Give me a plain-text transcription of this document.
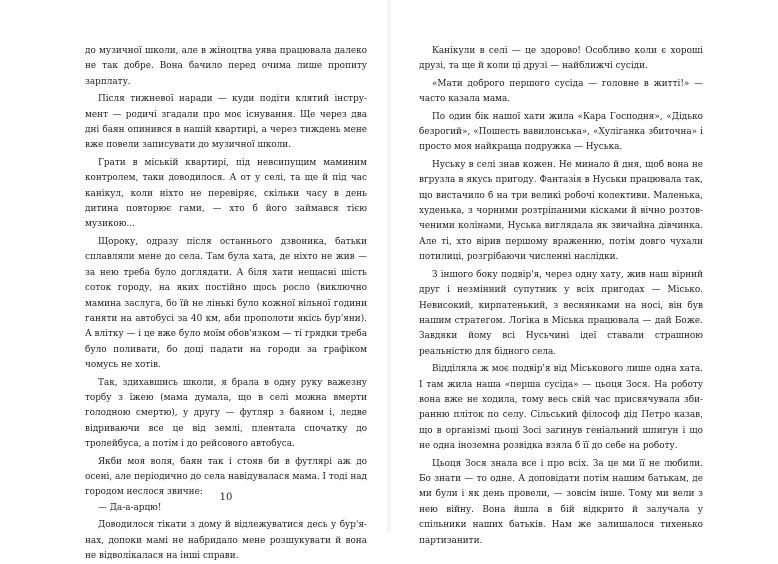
до музичної школи, але в жіноцтва уява працювала далеко не так добре. Вона бачило перед очима лише пропиту зарплату.

Після тижневої наради — куди подіти клятий інструмент — родичі згадали про моє існування. Ще через два дні баян опинився в нашій квартирі, а через тиждень мене вже повели записувати до музичної школи.

Грати в міській квартирі, під невсипущим маминим контролем, таки доводилося. А от у селі, та ще й під час канікул, коли ніхто не перевіряє, скільки часу в день дитина повторює гами, — хто б його займався тією музикою...

Щороку, одразу після останнього дзвоника, батьки сплавляли мене до села. Там була хата, де ніхто не жив — за нею треба було доглядати. А біля хати нещасні шість соток городу, на яких постійно щось росло (виключно мамина заслуга, бо їй не лінькі було кожної вільної години ганяти на автобусі за 40 км, аби прополоти якісь бур'яни). А влітку — і це вже було моїм обов'язком — ті грядки треба було поливати, бо доці падати на городи за графіком чомусь не хотів.

Так, здихавшись школи, я брала в одну руку важезну торбу з їжею (мама думала, що в селі можна вмерти голодною смертю), у другу — футляр з баяном і, ледве відриваючи все це від землі, плентала спочатку до тролейбуса, а потім і до рейсового автобуса.

Якби моя воля, баян так і стояв би в футлярі аж до осені, але періодично до села навідувалася мама. І тоді над городом неслося звичне:

— Да-а-арцю!

Доводилося тікати з дому й відлежуватися десь у бур'янах, допоки мамі не набридало мене розшукувати й вона не відволікалася на інші справи.

10

Канікули в селі — це здорово! Особливо коли є хороші друзі, та ще й коли ці друзі — найближчі сусіди.

«Мати доброго першого сусіда — головне в житті!» — часто казала мама.

По один бік нашої хати жила «Кара Господня», «Дідько безрогий», «Пошесть вавилонська», «Хуліганка збиточна» і просто моя найкраща подружка — Нуська.

Нуську в селі знав кожен. Не минало й дня, щоб вона не вгрузла в якусь пригоду. Фантазія в Нуськи працювала так, що вистачило б на три великі робочі колективи. Маленька, худенька, з чорними розтріпаними кісками й вічно розтовченими колінами, Нуська виглядала як звичайна дівчинка. Але ті, хто вірив першому враженню, потім довго чухали потилиці, розгрібаючи численні наслідки.

З іншого боку подвір'я, через одну хату, жив наш вірний друг і незмінний супутник у всіх пригодах — Мiсько. Невисокий, кирпатенький, з веснянками на носі, він був нашим стратегом. Логіка в Міська працювала — дай Боже. Завдяки йому всі Нусьчині ідеї ставали страшною реальністю для бідного села.

Відділяла ж моє подвір'я від Міськового лише одна хата. І там жила наша «перша сусіда» — цьоця Зося. На роботу вона вже не ходила, тому весь свій час присвячувала збиранню пліток по селу. Сільський філософ дід Петро казав, що в організмі цьоці Зосі загинув геніальний шпигун і що не одна іноземна розвідка взяла б її до себе на роботу.

Цьоця Зося знала все і про всіх. За це ми її не любили. Бо знати — то одне. А доповідати потім нашим батькам, де ми були і як день провели, — зовсім інше. Тому ми вели з нею війну. Вона йшла в бій відкрито й залучала у спільники наших батьків. Нам же залишалося тихенько партизанити.
